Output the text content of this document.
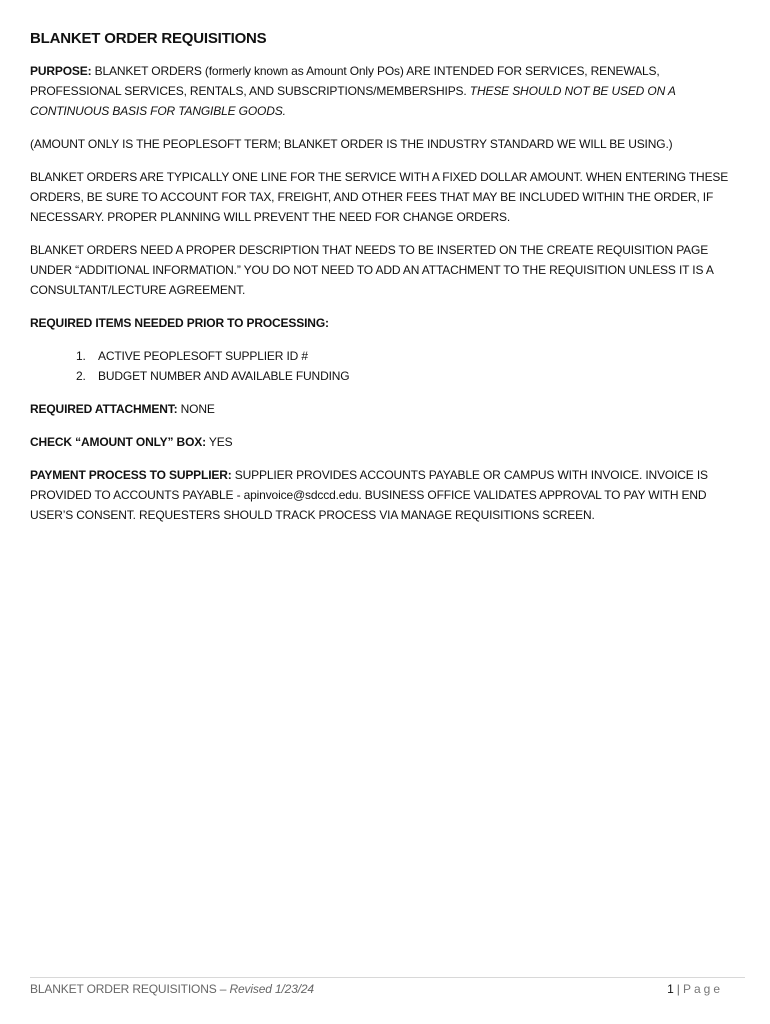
BLANKET ORDER REQUISITIONS

PURPOSE: BLANKET ORDERS (formerly known as Amount Only POs) ARE INTENDED FOR SERVICES, RENEWALS, PROFESSIONAL SERVICES, RENTALS, AND SUBSCRIPTIONS/MEMBERSHIPS. THESE SHOULD NOT BE USED ON A CONTINUOUS BASIS FOR TANGIBLE GOODS.

(AMOUNT ONLY IS THE PEOPLESOFT TERM; BLANKET ORDER IS THE INDUSTRY STANDARD WE WILL BE USING.)

BLANKET ORDERS ARE TYPICALLY ONE LINE FOR THE SERVICE WITH A FIXED DOLLAR AMOUNT. WHEN ENTERING THESE ORDERS, BE SURE TO ACCOUNT FOR TAX, FREIGHT, AND OTHER FEES THAT MAY BE INCLUDED WITHIN THE ORDER, IF NECESSARY. PROPER PLANNING WILL PREVENT THE NEED FOR CHANGE ORDERS.

BLANKET ORDERS NEED A PROPER DESCRIPTION THAT NEEDS TO BE INSERTED ON THE CREATE REQUISITION PAGE UNDER “ADDITIONAL INFORMATION.” YOU DO NOT NEED TO ADD AN ATTACHMENT TO THE REQUISITION UNLESS IT IS A CONSULTANT/LECTURE AGREEMENT.

REQUIRED ITEMS NEEDED PRIOR TO PROCESSING:

1.	ACTIVE PEOPLESOFT SUPPLIER ID #
2.	BUDGET NUMBER AND AVAILABLE FUNDING

REQUIRED ATTACHMENT: NONE

CHECK “AMOUNT ONLY” BOX: YES

PAYMENT PROCESS TO SUPPLIER: SUPPLIER PROVIDES ACCOUNTS PAYABLE OR CAMPUS WITH INVOICE. INVOICE IS PROVIDED TO ACCOUNTS PAYABLE - apinvoice@sdccd.edu. BUSINESS OFFICE VALIDATES APPROVAL TO PAY WITH END USER’S CONSENT. REQUESTERS SHOULD TRACK PROCESS VIA MANAGE REQUISITIONS SCREEN.

BLANKET ORDER REQUISITIONS – Revised 1/23/24	1 | Page
